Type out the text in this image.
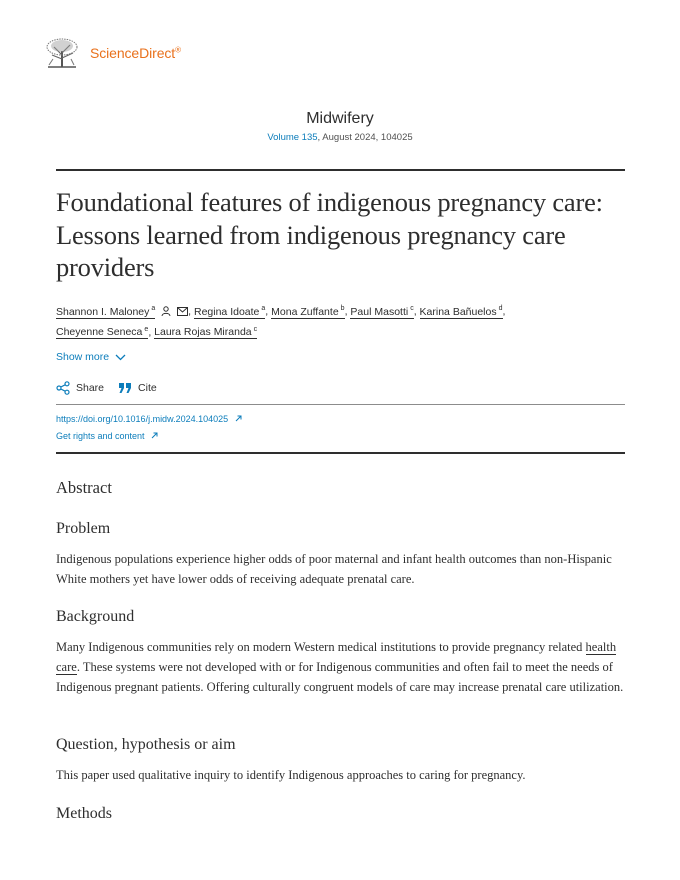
ScienceDirect®
Midwifery
Volume 135, August 2024, 104025
Foundational features of indigenous pregnancy care: Lessons learned from indigenous pregnancy care providers
Shannon I. Maloney $^a$	, Regina Idoate $^a$, Mona Zuffante $^b$, Paul Masotti $^c$, Karina Bañuelos $^d$,
Cheyenne Seneca $^e$, Laura Rojas Miranda $^c$
Show more
Share	Cite
https://doi.org/10.1016/j.midw.2024.104025
Get rights and content
Abstract
Problem

Indigenous populations experience higher odds of poor maternal and infant health outcomes than non-Hispanic White mothers yet have lower odds of receiving adequate prenatal care.

Background

Many Indigenous communities rely on modern Western medical institutions to provide pregnancy related health care. These systems were not developed with or for Indigenous communities and often fail to meet the needs of Indigenous pregnant patients. Offering culturally congruent models of care may increase prenatal care utilization.

Question, hypothesis or aim

This paper used qualitative inquiry to identify Indigenous approaches to caring for pregnancy.

Methods
